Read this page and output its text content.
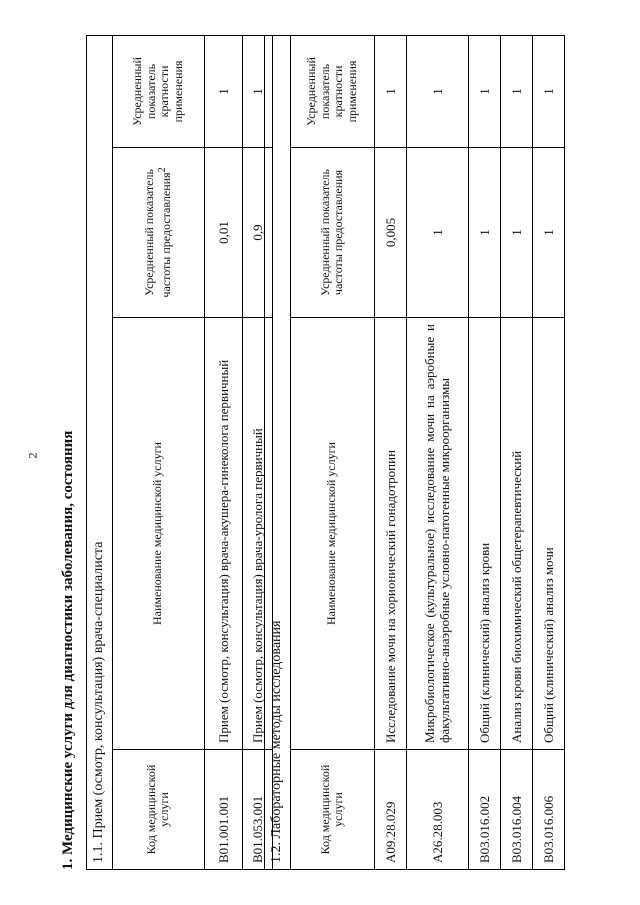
2 1. Медицинские услуги для диагностики заболевания, состояния 1.1. Прием (осмотр, консультация) врача-специалиста			
Код медицинской услуги	Наименование медицинской услуги	Усредненный показатель частоты предоставления$^2$	Усредненный показатель кратности применения
B01.001.001	Прием (осмотр, консультация) врача-акушера-гинеколога первичный	0,01	1
B01.053.001	Прием (осмотр, консультация) врача-уролога первичный	0,9	1
1.2. Лабораторные методы исследования			
Код медицинской услуги	Наименование медицинской услуги	Усредненный показатель частоты предоставления	Усредненный показатель кратности применения
A09.28.029	Исследование мочи на хорионический гонадотропин	0,005	1
A26.28.003	Микробиологическое (культуральное) исследование мочи на аэробные и факультативно-анаэробные условно-патогенные микроорганизмы	1	1
B03.016.002	Общий (клинический) анализ крови	1	1
B03.016.004	Анализ крови биохимический общетерапевтический	1	1
B03.016.006	Общий (клинический) анализ мочи	1	1
